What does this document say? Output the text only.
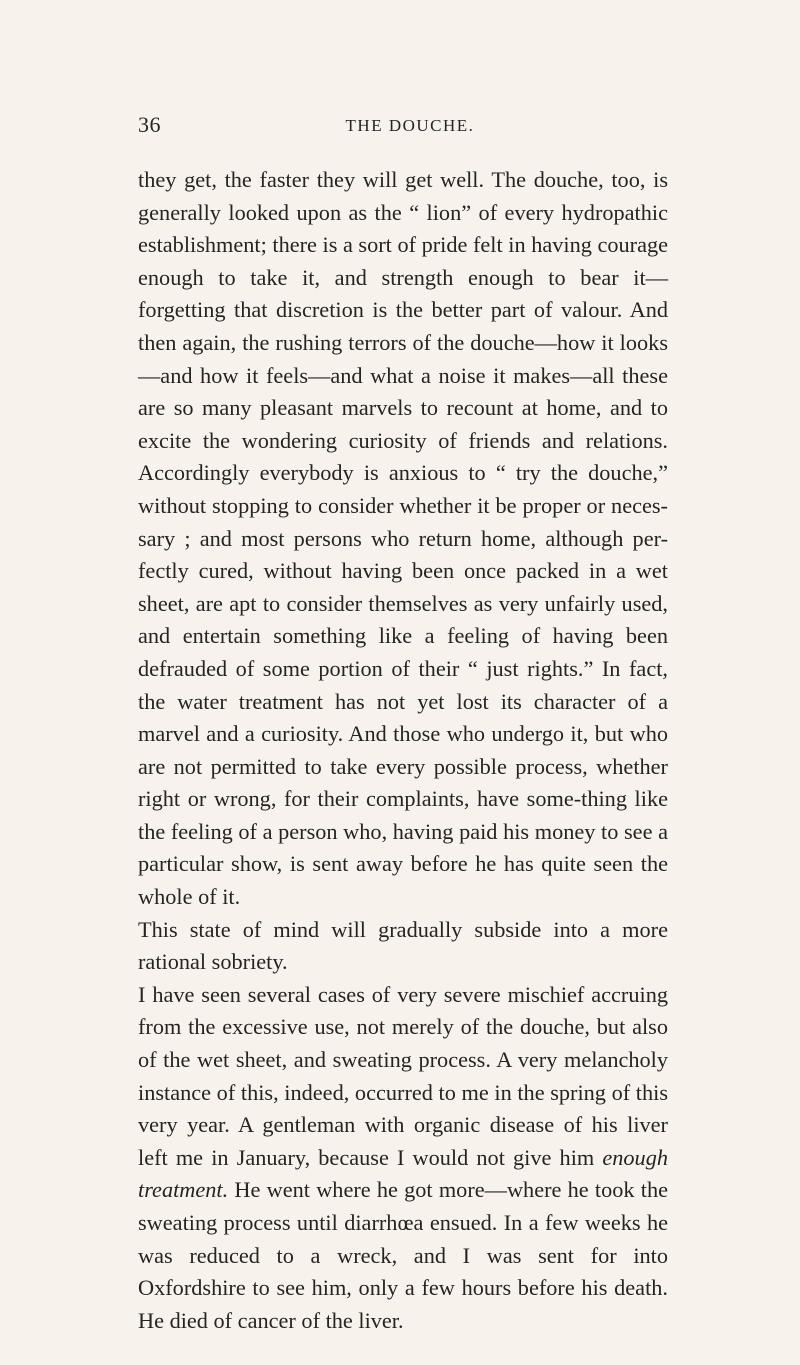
36	THE DOUCHE.

they get, the faster they will get well. The douche, too, is generally looked upon as the “ lion” of every hydropathic establishment; there is a sort of pride felt in having courage enough to take it, and strength enough to bear it— forgetting that discretion is the better part of valour. And then again, the rushing terrors of the douche—how it looks —and how it feels—and what a noise it makes—all these are so many pleasant marvels to recount at home, and to excite the wondering curiosity of friends and relations. Accordingly everybody is anxious to “ try the douche,” without stopping to consider whether it be proper or neces-sary ; and most persons who return home, although per-fectly cured, without having been once packed in a wet sheet, are apt to consider themselves as very unfairly used, and entertain something like a feeling of having been defrauded of some portion of their “ just rights.” In fact, the water treatment has not yet lost its character of a marvel and a curiosity. And those who undergo it, but who are not permitted to take every possible process, whether right or wrong, for their complaints, have some-thing like the feeling of a person who, having paid his money to see a particular show, is sent away before he has quite seen the whole of it.

This state of mind will gradually subside into a more rational sobriety.

I have seen several cases of very severe mischief accruing from the excessive use, not merely of the douche, but also of the wet sheet, and sweating process. A very melancholy instance of this, indeed, occurred to me in the spring of this very year. A gentleman with organic disease of his liver left me in January, because I would not give him enough treatment. He went where he got more—where he took the sweating process until diarrhœa ensued. In a few weeks he was reduced to a wreck, and I was sent for into Oxfordshire to see him, only a few hours before his death. He died of cancer of the liver.
